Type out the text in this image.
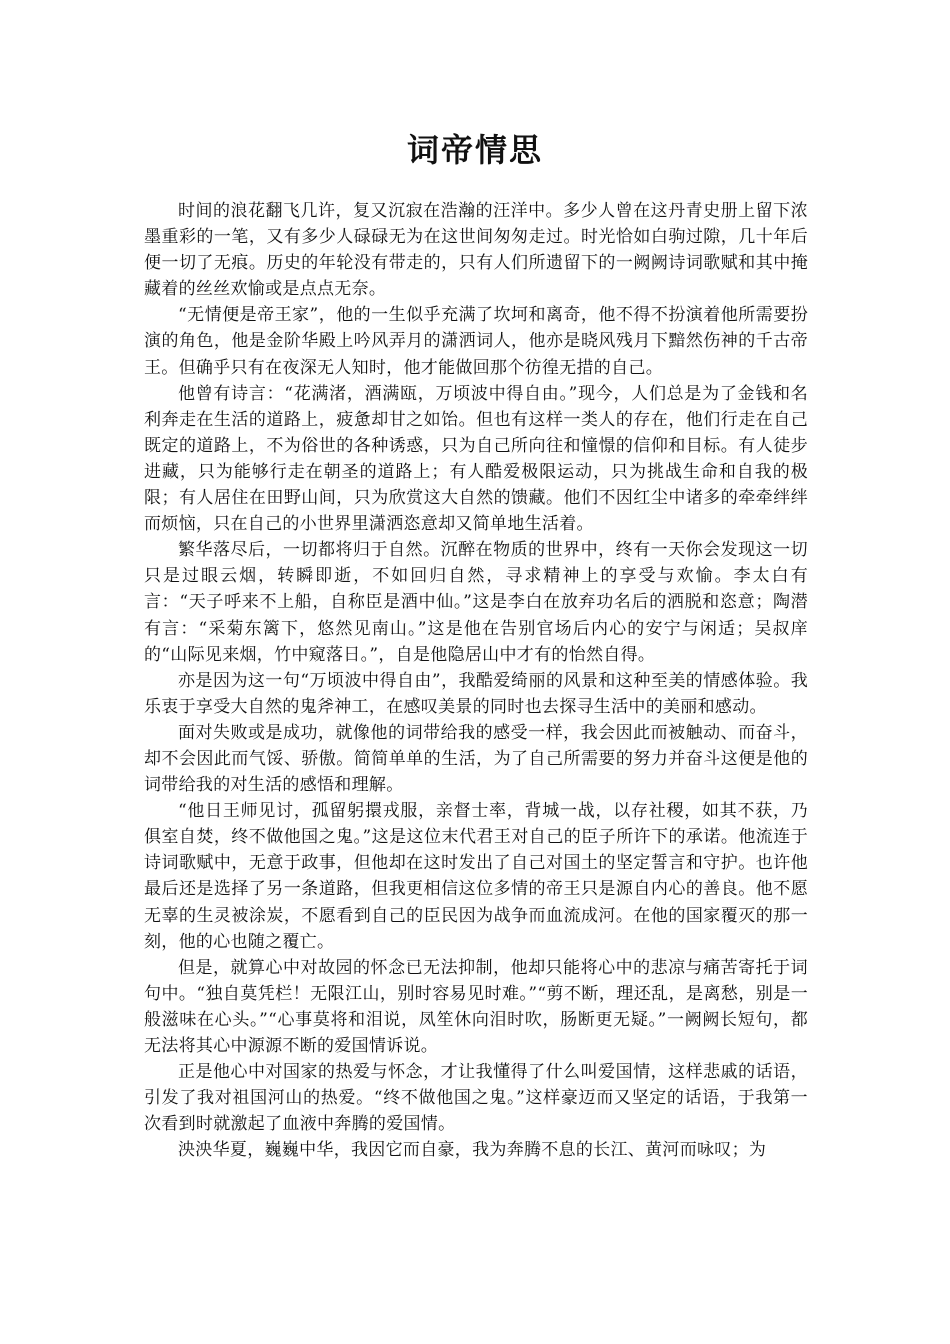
词帝情思

时间的浪花翻飞几许，复又沉寂在浩瀚的汪洋中。多少人曾在这丹青史册上留下浓墨重彩的一笔，又有多少人碌碌无为在这世间匆匆走过。时光恰如白驹过隙，几十年后便一切了无痕。历史的年轮没有带走的，只有人们所遗留下的一阙阙诗词歌赋和其中掩藏着的丝丝欢愉或是点点无奈。

“无情便是帝王家”，他的一生似乎充满了坎坷和离奇，他不得不扮演着他所需要扮演的角色，他是金阶华殿上吟风弄月的潇洒词人，他亦是晓风残月下黯然伤神的千古帝王。但确乎只有在夜深无人知时，他才能做回那个彷徨无措的自己。

他曾有诗言：“花满渚，酒满瓯，万顷波中得自由。”现今，人们总是为了金钱和名利奔走在生活的道路上，疲惫却甘之如饴。但也有这样一类人的存在，他们行走在自己既定的道路上，不为俗世的各种诱惑，只为自己所向往和憧憬的信仰和目标。有人徒步进藏，只为能够行走在朝圣的道路上；有人酷爱极限运动，只为挑战生命和自我的极限；有人居住在田野山间，只为欣赏这大自然的馈藏。他们不因红尘中诸多的牵牵绊绊而烦恼，只在自己的小世界里潇洒恣意却又简单地生活着。

繁华落尽后，一切都将归于自然。沉醉在物质的世界中，终有一天你会发现这一切只是过眼云烟，转瞬即逝，不如回归自然，寻求精神上的享受与欢愉。李太白有言：“天子呼来不上船，自称臣是酒中仙。”这是李白在放弃功名后的洒脱和恣意；陶潜有言：“采菊东篱下，悠然见南山。”这是他在告别官场后内心的安宁与闲适；吴叔庠的“山际见来烟，竹中窥落日。”，自是他隐居山中才有的怡然自得。

亦是因为这一句“万顷波中得自由”，我酷爱绮丽的风景和这种至美的情感体验。我乐衷于享受大自然的鬼斧神工，在感叹美景的同时也去探寻生活中的美丽和感动。

面对失败或是成功，就像他的词带给我的感受一样，我会因此而被触动、而奋斗，却不会因此而气馁、骄傲。简简单单的生活，为了自己所需要的努力并奋斗这便是他的词带给我的对生活的感悟和理解。

“他日王师见讨，孤留躬擐戎服，亲督士率，背城一战，以存社稷，如其不获，乃俱室自焚，终不做他国之鬼。”这是这位末代君王对自己的臣子所许下的承诺。他流连于诗词歌赋中，无意于政事，但他却在这时发出了自己对国土的坚定誓言和守护。也许他最后还是选择了另一条道路，但我更相信这位多情的帝王只是源自内心的善良。他不愿无辜的生灵被涂炭，不愿看到自己的臣民因为战争而血流成河。在他的国家覆灭的那一刻，他的心也随之覆亡。

但是，就算心中对故园的怀念已无法抑制，他却只能将心中的悲凉与痛苦寄托于词句中。“独自莫凭栏！无限江山，别时容易见时难。”“剪不断，理还乱，是离愁，别是一般滋味在心头。”“心事莫将和泪说，凤笙休向泪时吹，肠断更无疑。”一阙阙长短句，都无法将其心中源源不断的爱国情诉说。

正是他心中对国家的热爱与怀念，才让我懂得了什么叫爱国情，这样悲戚的话语，引发了我对祖国河山的热爱。“终不做他国之鬼。”这样豪迈而又坚定的话语，于我第一次看到时就激起了血液中奔腾的爱国情。

泱泱华夏，巍巍中华，我因它而自豪，我为奔腾不息的长江、黄河而咏叹；为
